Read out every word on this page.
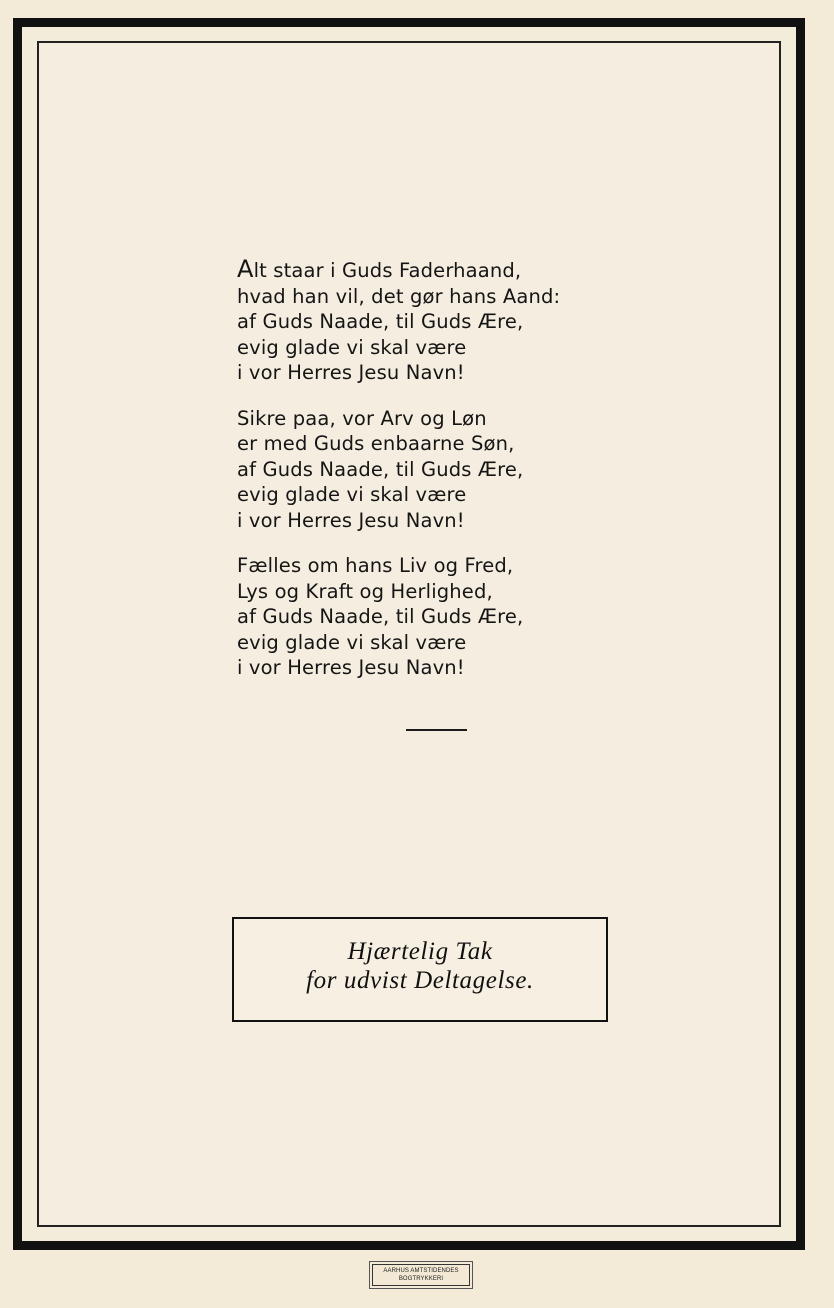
Alt staar i Guds Faderhaand,
hvad han vil, det gør hans Aand:
af Guds Naade, til Guds Ære,
evig glade vi skal være
i vor Herres Jesu Navn!
Sikre paa, vor Arv og Løn
er med Guds enbaarne Søn,
af Guds Naade, til Guds Ære,
evig glade vi skal være
i vor Herres Jesu Navn!
Fælles om hans Liv og Fred,
Lys og Kraft og Herlighed,
af Guds Naade, til Guds Ære,
evig glade vi skal være
i vor Herres Jesu Navn!
Hjærtelig Tak
for udvist Deltagelse.
AARHUS AMTSTIDENDES
BOGTRYKKERI
